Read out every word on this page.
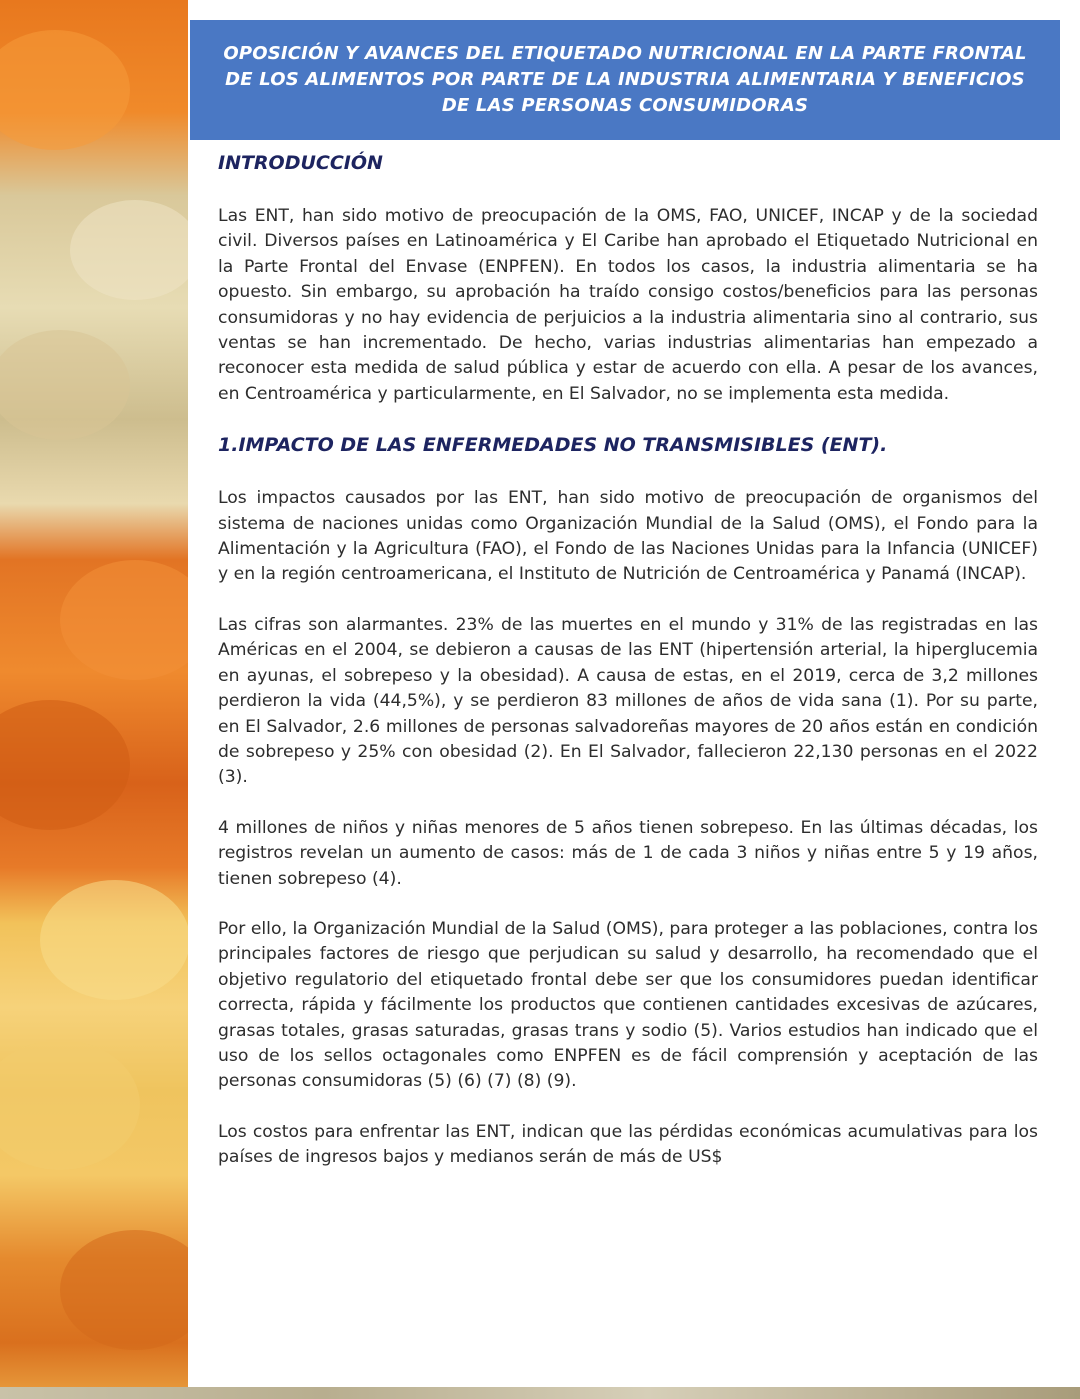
OPOSICIÓN Y AVANCES DEL ETIQUETADO NUTRICIONAL EN LA PARTE FRONTAL DE LOS ALIMENTOS POR PARTE DE LA INDUSTRIA ALIMENTARIA Y BENEFICIOS DE LAS PERSONAS CONSUMIDORAS
INTRODUCCIÓN

Las ENT, han sido motivo de preocupación de la OMS, FAO, UNICEF, INCAP y de la sociedad civil. Diversos países en Latinoamérica y El Caribe han aprobado el Etiquetado Nutricional en la Parte Frontal del Envase (ENPFEN). En todos los casos, la industria alimentaria se ha opuesto. Sin embargo, su aprobación ha traído consigo costos/beneficios para las personas consumidoras y no hay evidencia de perjuicios a la industria alimentaria sino al contrario, sus ventas se han incrementado. De hecho, varias industrias alimentarias han empezado a reconocer esta medida de salud pública y estar de acuerdo con ella. A pesar de los avances, en Centroamérica y particularmente, en El Salvador, no se implementa esta medida.

1.IMPACTO DE LAS ENFERMEDADES NO TRANSMISIBLES (ENT).

Los impactos causados por las ENT, han sido motivo de preocupación de organismos del sistema de naciones unidas como Organización Mundial de la Salud (OMS), el Fondo para la Alimentación y la Agricultura (FAO), el Fondo de las Naciones Unidas para la Infancia (UNICEF) y en la región centroamericana, el Instituto de Nutrición de Centroamérica y Panamá (INCAP).

Las cifras son alarmantes. 23% de las muertes en el mundo y 31% de las registradas en las Américas en el 2004, se debieron a causas de las ENT (hipertensión arterial, la hiperglucemia en ayunas, el sobrepeso y la obesidad). A causa de estas, en el 2019, cerca de 3,2 millones perdieron la vida (44,5%), y se perdieron 83 millones de años de vida sana (1). Por su parte, en El Salvador, 2.6 millones de personas salvadoreñas mayores de 20 años están en condición de sobrepeso y 25% con obesidad (2). En El Salvador, fallecieron 22,130 personas en el 2022 (3).

4 millones de niños y niñas menores de 5 años tienen sobrepeso. En las últimas décadas, los registros revelan un aumento de casos: más de 1 de cada 3 niños y niñas entre 5 y 19 años, tienen sobrepeso (4).

Por ello, la Organización Mundial de la Salud (OMS), para proteger a las poblaciones, contra los principales factores de riesgo que perjudican su salud y desarrollo, ha recomendado que el objetivo regulatorio del etiquetado frontal debe ser que los consumidores puedan identificar correcta, rápida y fácilmente los productos que contienen cantidades excesivas de azúcares, grasas totales, grasas saturadas, grasas trans y sodio (5). Varios estudios han indicado que el uso de los sellos octagonales como ENPFEN es de fácil comprensión y aceptación de las personas consumidoras (5) (6) (7) (8) (9).

Los costos para enfrentar las ENT, indican que las pérdidas económicas acumulativas para los países de ingresos bajos y medianos serán de más de US$
